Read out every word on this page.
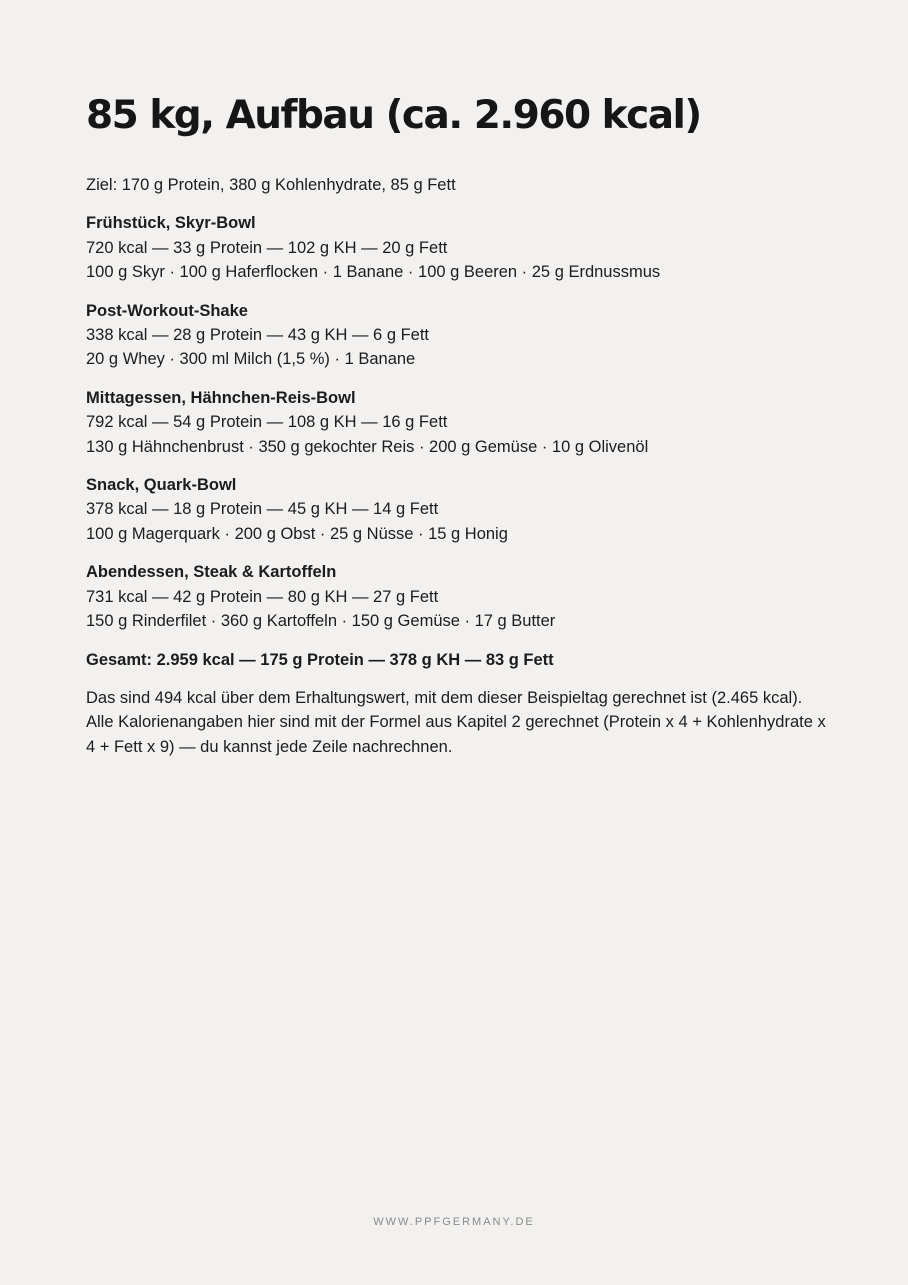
85 kg, Aufbau (ca. 2.960 kcal)

Ziel: 170 g Protein, 380 g Kohlenhydrate, 85 g Fett

Frühstück, Skyr-Bowl

720 kcal — 33 g Protein — 102 g KH — 20 g Fett

100 g Skyr · 100 g Haferflocken · 1 Banane · 100 g Beeren · 25 g Erdnussmus

Post-Workout-Shake

338 kcal — 28 g Protein — 43 g KH — 6 g Fett

20 g Whey · 300 ml Milch (1,5 %) · 1 Banane

Mittagessen, Hähnchen-Reis-Bowl

792 kcal — 54 g Protein — 108 g KH — 16 g Fett

130 g Hähnchenbrust · 350 g gekochter Reis · 200 g Gemüse · 10 g Olivenöl

Snack, Quark-Bowl

378 kcal — 18 g Protein — 45 g KH — 14 g Fett

100 g Magerquark · 200 g Obst · 25 g Nüsse · 15 g Honig

Abendessen, Steak & Kartoffeln

731 kcal — 42 g Protein — 80 g KH — 27 g Fett

150 g Rinderfilet · 360 g Kartoffeln · 150 g Gemüse · 17 g Butter

Gesamt: 2.959 kcal — 175 g Protein — 378 g KH — 83 g Fett

Das sind 494 kcal über dem Erhaltungswert, mit dem dieser Beispieltag gerechnet ist (2.465 kcal). Alle Kalorienangaben hier sind mit der Formel aus Kapitel 2 gerechnet (Protein x 4 + Kohlenhydrate x 4 + Fett x 9) — du kannst jede Zeile nachrechnen.

WWW.PPFGERMANY.DE
